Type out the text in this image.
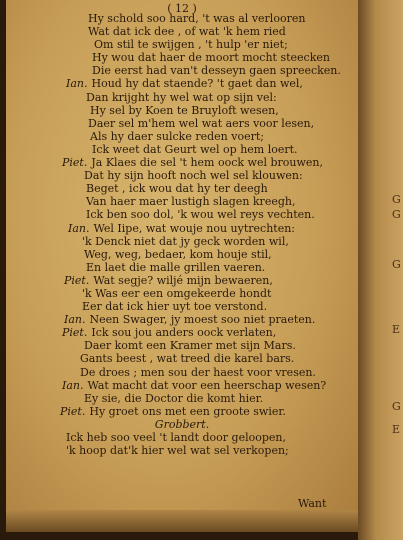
( 12 )
Hy schold soo hard, 't was al verlooren
Wat dat ick dee , of wat 'k hem ried
Om stil te swijgen , 't hulp 'er niet;
Hy wou dat haer de moort mocht steecken
Die eerst had van't desseyn gaen spreecken.
Ian. Houd hy dat staende? 't gaet dan wel,
Dan krijght hy wel wat op sijn vel:
Hy sel by Koen te Bruyloft wesen,
Daer sel m'hem wel wat aers voor lesen,
Als hy daer sulcke reden voert;
Ick weet dat Geurt wel op hem loert.
Piet. Ja Klaes die sel 't hem oock wel brouwen,
Dat hy sijn hooft noch wel sel klouwen:
Beget , ick wou dat hy ter deegh
Van haer maer lustigh slagen kreegh,
Ick ben soo dol, 'k wou wel reys vechten.
Ian. Wel Iipe, wat wouje nou uytrechten:
'k Denck niet dat jy geck worden wil,
Weg, weg, bedaer, kom houje stil,
En laet die malle grillen vaeren.
Piet. Wat segje? wiljé mijn bewaeren,
'k Was eer een omgekeerde hondt
Eer dat ick hier uyt toe verstond.
Ian. Neen Swager, jy moest soo niet praeten.
Piet. Ick sou jou anders oock verlaten,
Daer komt een Kramer met sijn Mars.
Gants beest , wat treed die karel bars.
De droes ; men sou der haest voor vresen.
Ian. Wat macht dat voor een heerschap wesen?
Ey sie, die Doctor die komt hier.
Piet. Hy groet ons met een groote swier.
Grobbert.
Ick heb soo veel 't landt door geloopen,
'k hoop dat'k hier wel wat sel verkopen;
Want
G
G
G
E
G
E
